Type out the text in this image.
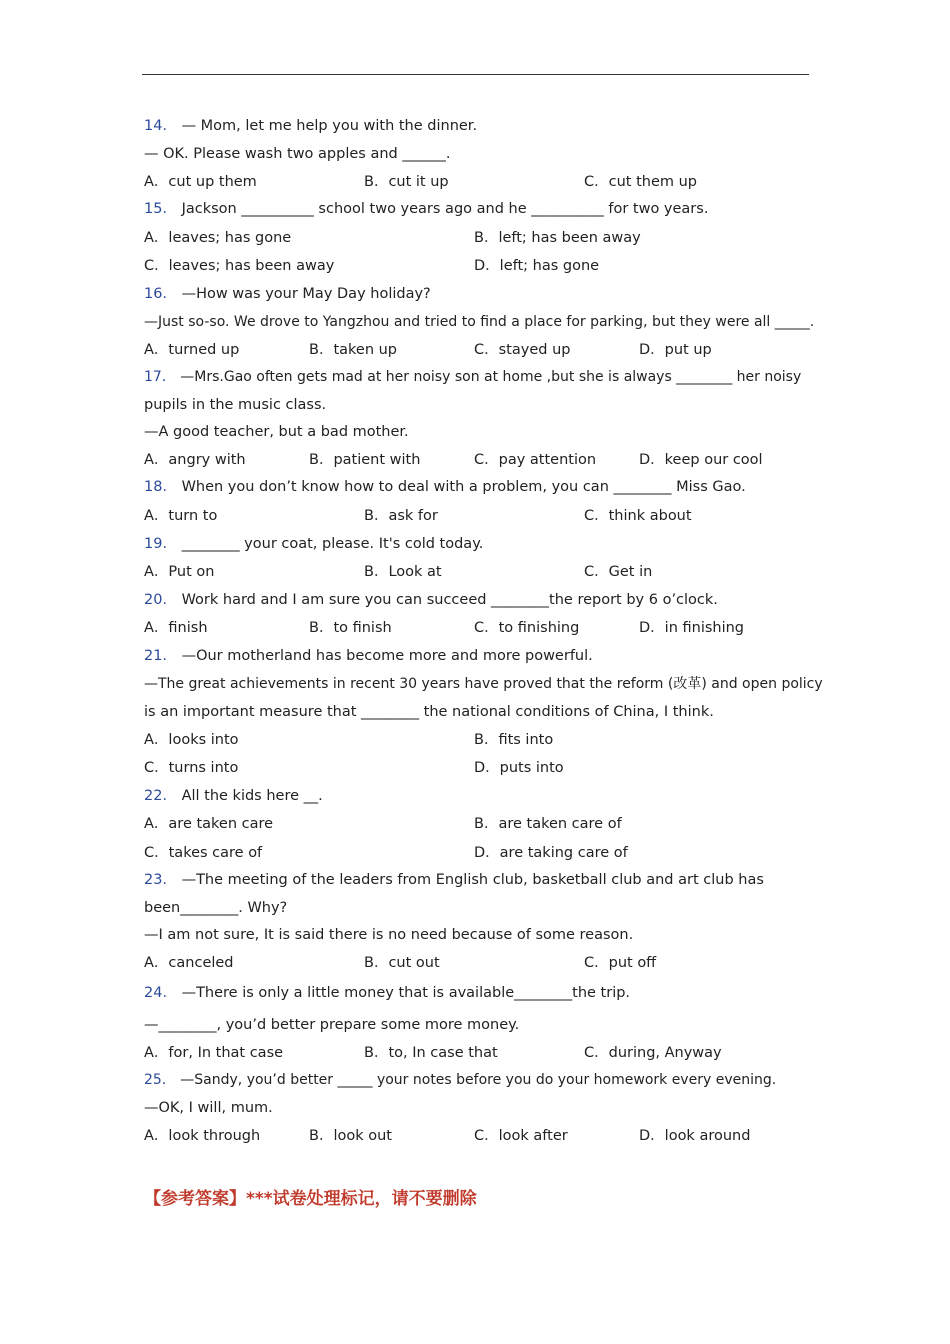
14． — Mom, let me help you with the dinner.
— OK. Please wash two apples and ______.
A．cut up them	B．cut it up	C．cut them up
15． Jackson __________ school two years ago and he __________ for two years.
A．leaves; has gone	B．left; has been away
C．leaves; has been away	D．left; has gone
16． —How was your May Day holiday?
—Just so-so. We drove to Yangzhou and tried to find a place for parking, but they were all _____.
A．turned up	B．taken up	C．stayed up	D．put up
17． —Mrs.Gao often gets mad at her noisy son at home ,but she is always ________ her noisy
pupils in the music class.
—A good teacher, but a bad mother.
A．angry with	B．patient with	C．pay attention	D．keep our cool
18． When you don’t know how to deal with a problem, you can ________ Miss Gao.
A．turn to	B．ask for	C．think about
19． ________ your coat, please. It's cold today.
A．Put on	B．Look at	C．Get in
20． Work hard and I am sure you can succeed ________the report by 6 o’clock.
A．finish	B．to finish	C．to finishing	D．in finishing
21． —Our motherland has become more and more powerful.
—The great achievements in recent 30 years have proved that the reform (改革) and open policy
is an important measure that ________ the national conditions of China, I think.
A．looks into	B．fits into
C．turns into	D．puts into
22． All the kids here __.
A．are taken care	B．are taken care of
C．takes care of	D．are taking care of
23． —The meeting of the leaders from English club, basketball club and art club has
been________. Why?
—I am not sure, It is said there is no need because of some reason.
A．canceled	B．cut out	C．put off
24． —There is only a little money that is available________the trip.
—________, you’d better prepare some more money.
A．for, In that case	B．to, In case that	C．during, Anyway
25． —Sandy, you’d better _____ your notes before you do your homework every evening.
—OK, I will, mum.
A．look through	B．look out	C．look after	D．look around
【参考答案】***试卷处理标记，请不要删除
